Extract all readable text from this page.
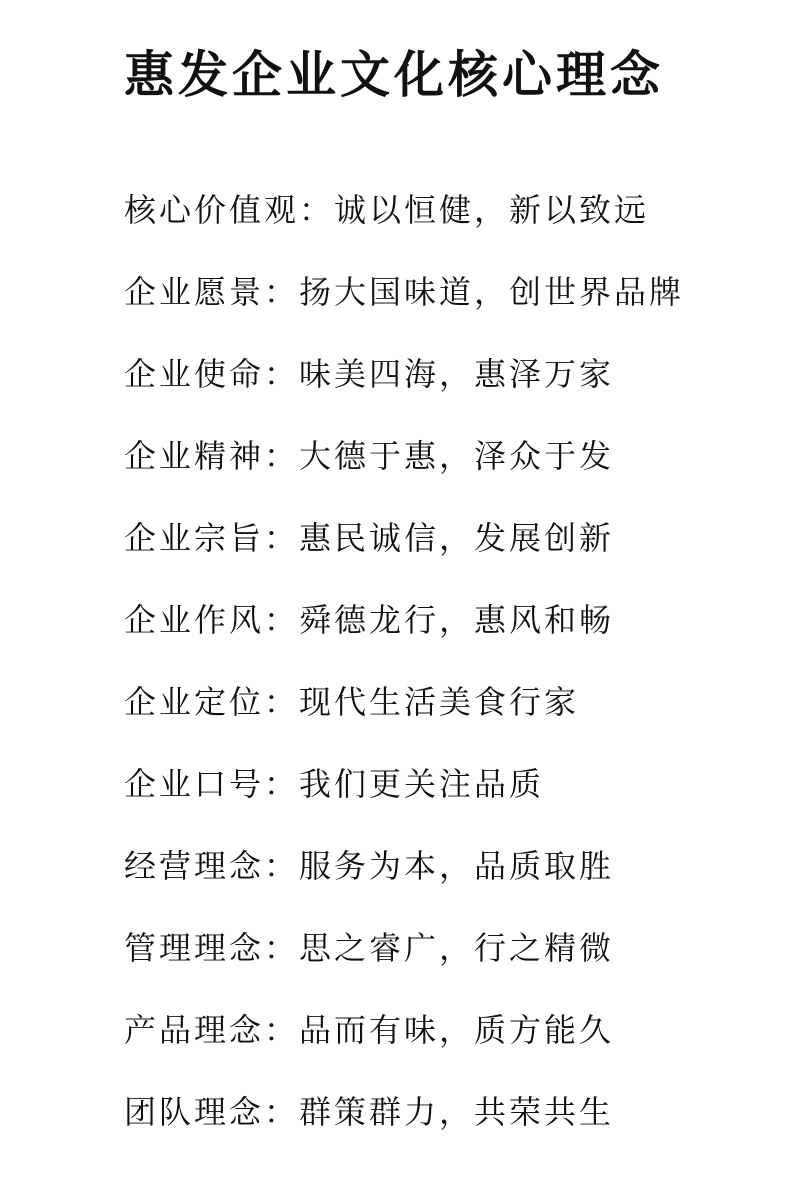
惠发企业文化核心理念
核心价值观 ： 诚以恒健，新以致远
企业愿景 ： 扬大国味道，创世界品牌
企业使命 ： 味美四海，惠泽万家
企业精神 ： 大德于惠，泽众于发
企业宗旨 ： 惠民诚信，发展创新
企业作风 ： 舜德龙行，惠风和畅
企业定位 ： 现代生活美食行家
企业口号 ： 我们更关注品质
经营理念 ： 服务为本，品质取胜
管理理念 ： 思之睿广，行之精微
产品理念 ： 品而有味，质方能久
团队理念 ： 群策群力，共荣共生
